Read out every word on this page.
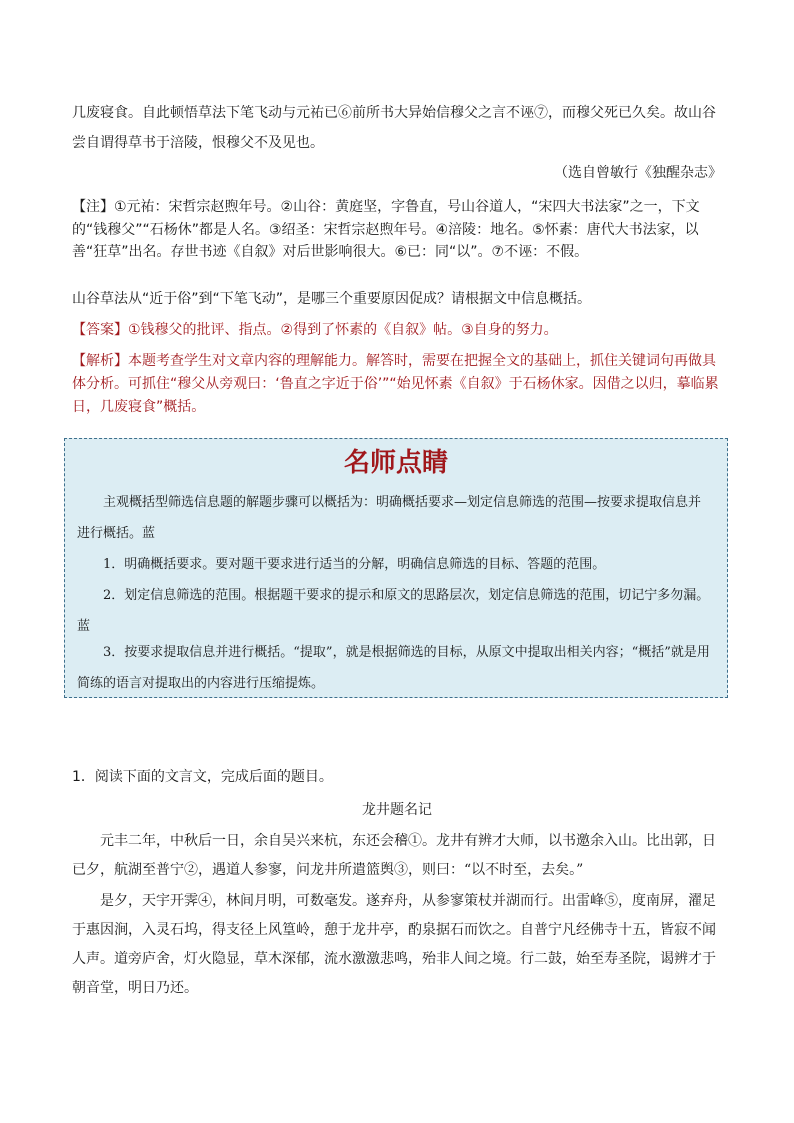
几废寝食。自此顿悟草法下笔飞动与元祐已⑥前所书大异始信穆父之言不诬⑦，而穆父死已久矣。故山谷尝自谓得草书于涪陵，恨穆父不及见也。

（选自曾敏行《独醒杂志》

【注】①元祐：宋哲宗赵煦年号。②山谷：黄庭坚，字鲁直，号山谷道人，“宋四大书法家”之一，下文的“钱穆父”“石杨休”都是人名。③绍圣：宋哲宗赵煦年号。④涪陵：地名。⑤怀素：唐代大书法家，以善“狂草”出名。存世书迹《自叙》对后世影响很大。⑥已：同“以”。⑦不诬：不假。

山谷草法从“近于俗”到“下笔飞动”，是哪三个重要原因促成？请根据文中信息概括。

【答案】①钱穆父的批评、指点。②得到了怀素的《自叙》帖。③自身的努力。

【解析】本题考查学生对文章内容的理解能力。解答时，需要在把握全文的基础上，抓住关键词句再做具体分析。可抓住“穆父从旁观曰：‘鲁直之字近于俗’”“始见怀素《自叙》于石杨休家。因借之以归，摹临累日，几废寝食”概括。

名师点睛

主观概括型筛选信息题的解题步骤可以概括为：明确概括要求—划定信息筛选的范围—按要求提取信息并进行概括。蓝

1．明确概括要求。要对题干要求进行适当的分解，明确信息筛选的目标、答题的范围。

2．划定信息筛选的范围。根据题干要求的提示和原文的思路层次，划定信息筛选的范围，切记宁多勿漏。蓝

3．按要求提取信息并进行概括。“提取”，就是根据筛选的目标，从原文中提取出相关内容；“概括”就是用简练的语言对提取出的内容进行压缩提炼。

1．阅读下面的文言文，完成后面的题目。

龙井题名记

元丰二年，中秋后一日，余自吴兴来杭，东还会稽①。龙井有辨才大师，以书邀余入山。比出郭，日已夕，航湖至普宁②，遇道人参寥，问龙井所遣篮舆③，则曰：“以不时至，去矣。”

是夕，天宇开霁④，林间月明，可数毫发。遂弃舟，从参寥策杖并湖而行。出雷峰⑤，度南屏，濯足于惠因涧，入灵石坞，得支径上风篁岭，憩于龙井亭，酌泉据石而饮之。自普宁凡经佛寺十五，皆寂不闻人声。道旁庐舍，灯火隐显，草木深郁，流水激激悲鸣，殆非人间之境。行二鼓，始至寿圣院，谒辨才于朝音堂，明日乃还。
